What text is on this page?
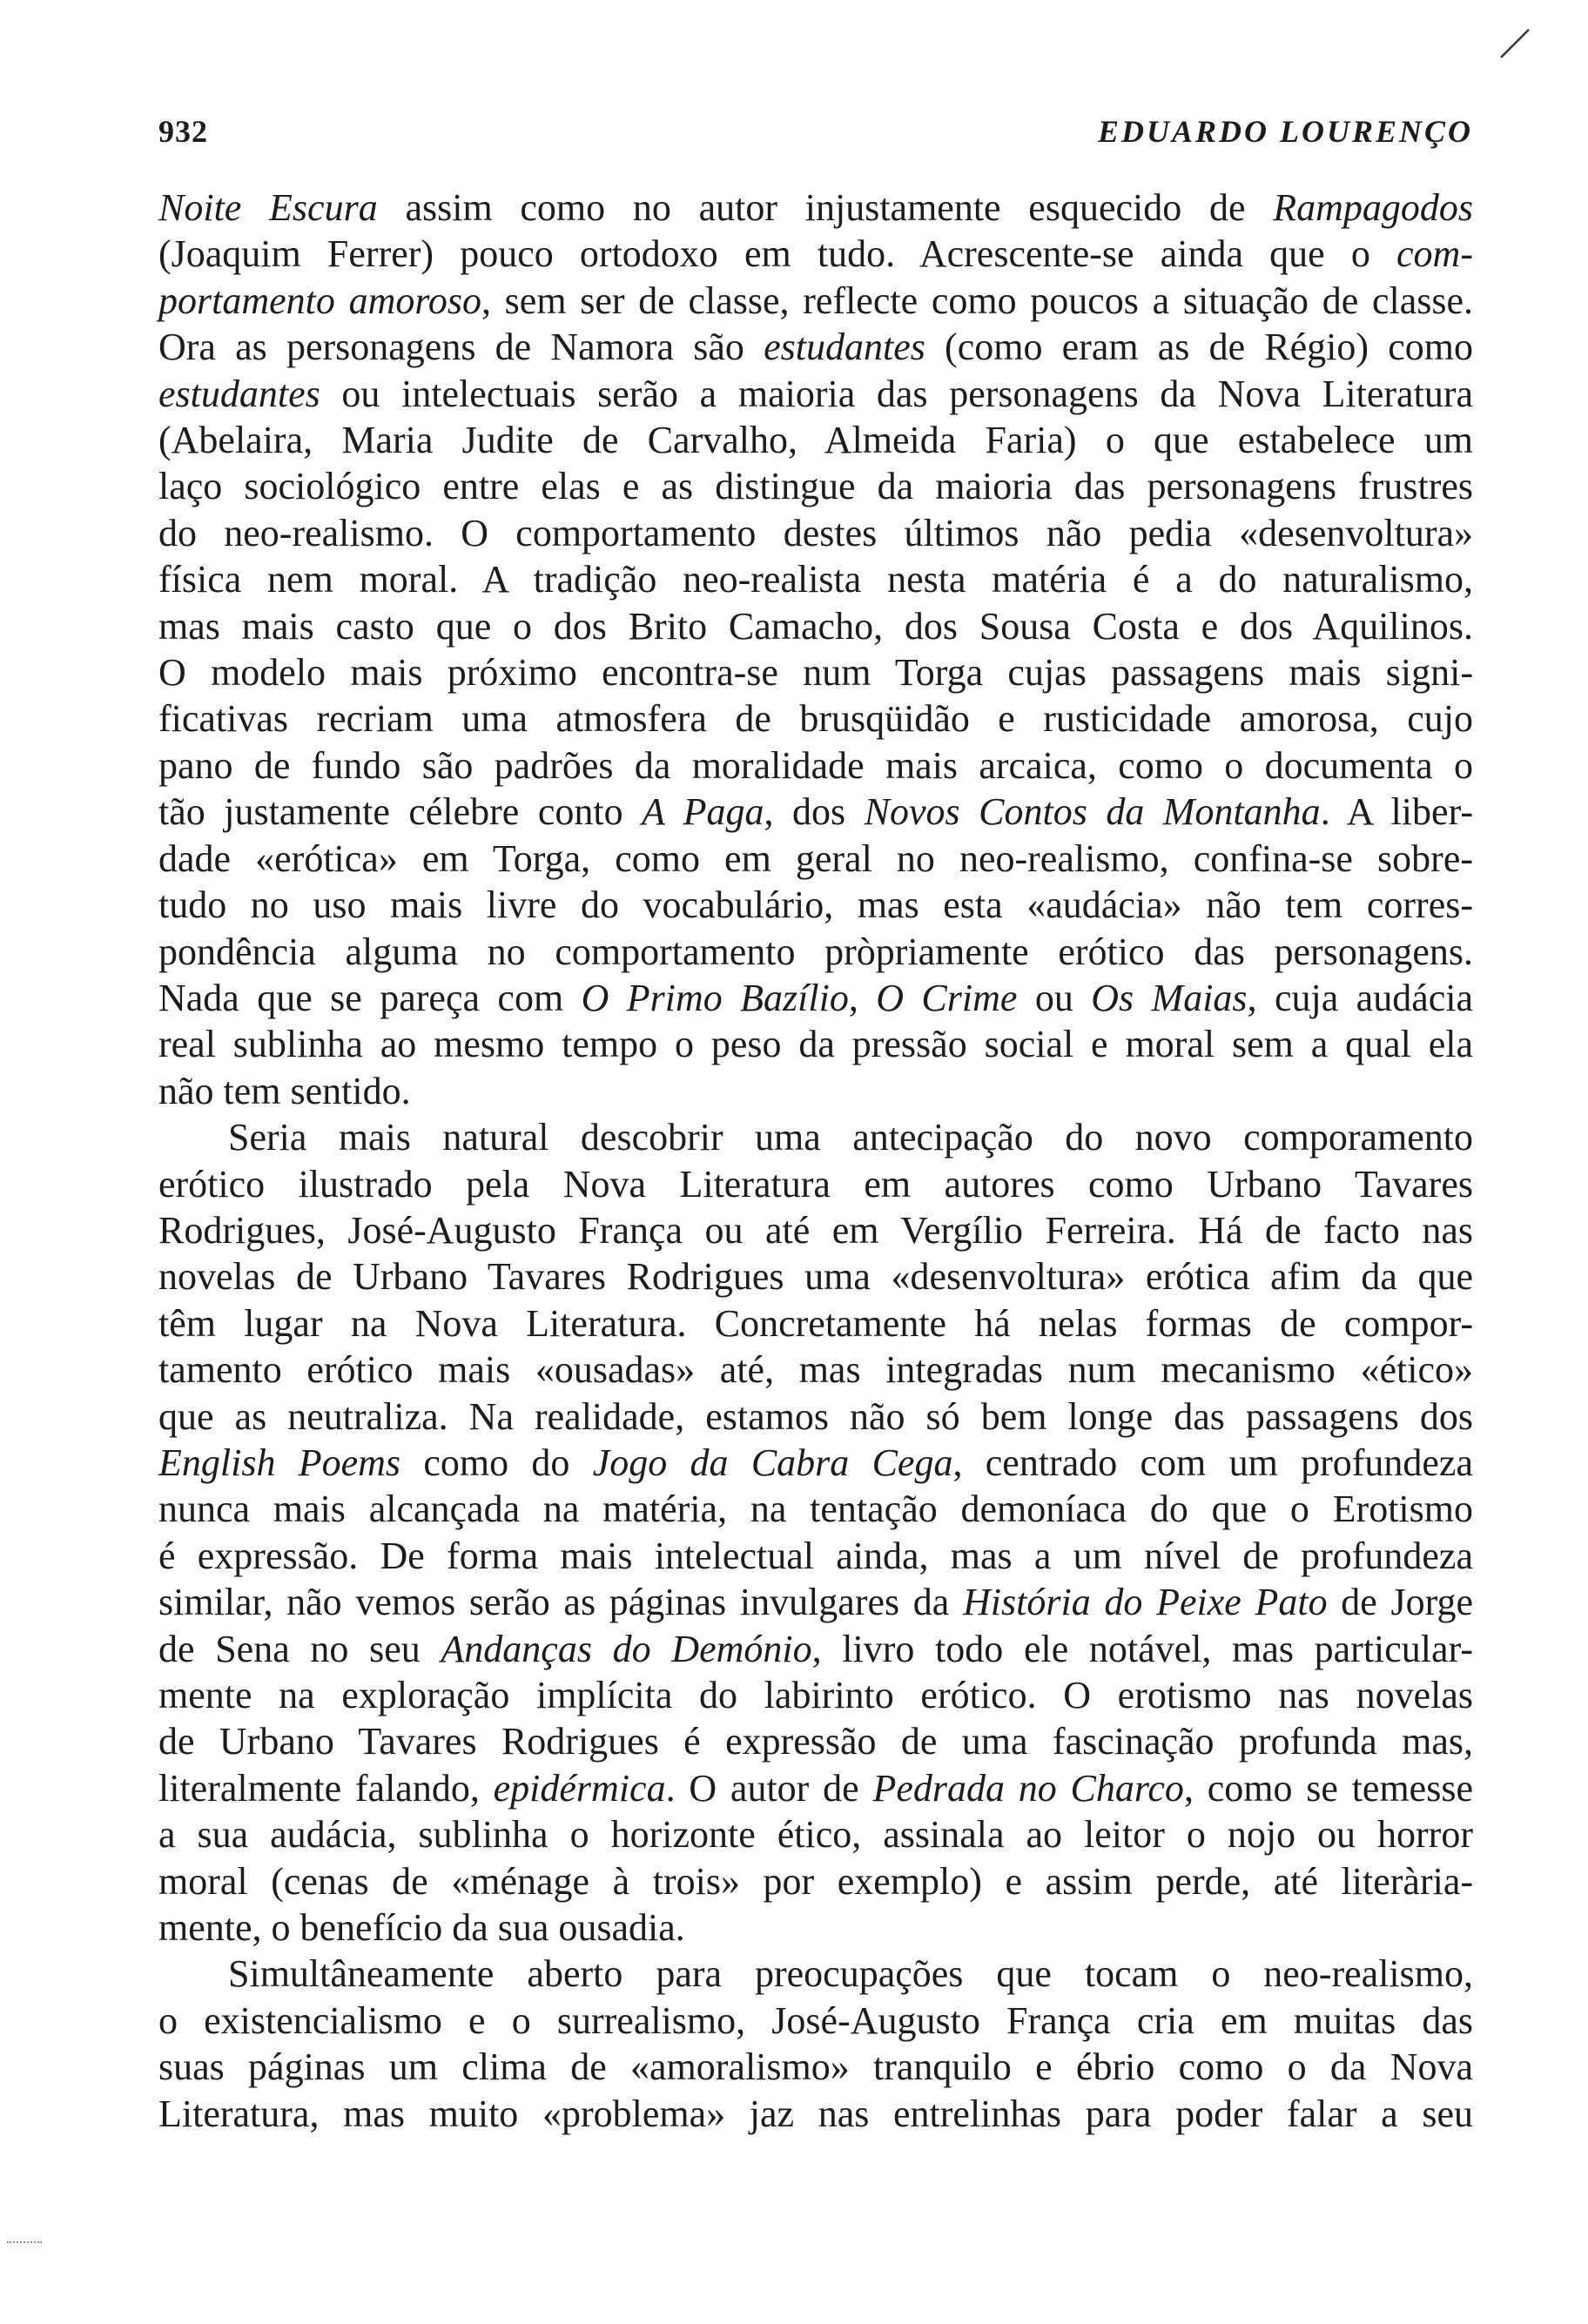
932	EDUARDO LOURENÇO
Noite Escura assim como no autor injustamente esquecido de Rampagodos
(Joaquim Ferrer) pouco ortodoxo em tudo. Acrescente-se ainda que o com-
portamento amoroso, sem ser de classe, reflecte como poucos a situação de classe.
Ora as personagens de Namora são estudantes (como eram as de Régio) como
estudantes ou intelectuais serão a maioria das personagens da Nova Literatura
(Abelaira, Maria Judite de Carvalho, Almeida Faria) o que estabelece um
laço sociológico entre elas e as distingue da maioria das personagens frustres
do neo-realismo. O comportamento destes últimos não pedia «desenvoltura»
física nem moral. A tradição neo-realista nesta matéria é a do naturalismo,
mas mais casto que o dos Brito Camacho, dos Sousa Costa e dos Aquilinos.
O modelo mais próximo encontra-se num Torga cujas passagens mais signi-
ficativas recriam uma atmosfera de brusqüidão e rusticidade amorosa, cujo
pano de fundo são padrões da moralidade mais arcaica, como o documenta o
tão justamente célebre conto A Paga, dos Novos Contos da Montanha. A liber-
dade «erótica» em Torga, como em geral no neo-realismo, confina-se sobre-
tudo no uso mais livre do vocabulário, mas esta «audácia» não tem corres-
pondência alguma no comportamento pròpriamente erótico das personagens.
Nada que se pareça com O Primo Bazílio, O Crime ou Os Maias, cuja audácia
real sublinha ao mesmo tempo o peso da pressão social e moral sem a qual ela
não tem sentido.
Seria mais natural descobrir uma antecipação do novo comporamento
erótico ilustrado pela Nova Literatura em autores como Urbano Tavares
Rodrigues, José-Augusto França ou até em Vergílio Ferreira. Há de facto nas
novelas de Urbano Tavares Rodrigues uma «desenvoltura» erótica afim da que
têm lugar na Nova Literatura. Concretamente há nelas formas de compor-
tamento erótico mais «ousadas» até, mas integradas num mecanismo «ético»
que as neutraliza. Na realidade, estamos não só bem longe das passagens dos
English Poems como do Jogo da Cabra Cega, centrado com um profundeza
nunca mais alcançada na matéria, na tentação demoníaca do que o Erotismo
é expressão. De forma mais intelectual ainda, mas a um nível de profundeza
similar, não vemos serão as páginas invulgares da História do Peixe Pato de Jorge
de Sena no seu Andanças do Demónio, livro todo ele notável, mas particular-
mente na exploração implícita do labirinto erótico. O erotismo nas novelas
de Urbano Tavares Rodrigues é expressão de uma fascinação profunda mas,
literalmente falando, epidérmica. O autor de Pedrada no Charco, como se temesse
a sua audácia, sublinha o horizonte ético, assinala ao leitor o nojo ou horror
moral (cenas de «ménage à trois» por exemplo) e assim perde, até literària-
mente, o benefício da sua ousadia.
Simultâneamente aberto para preocupações que tocam o neo-realismo,
o existencialismo e o surrealismo, José-Augusto França cria em muitas das
suas páginas um clima de «amoralismo» tranquilo e ébrio como o da Nova
Literatura, mas muito «problema» jaz nas entrelinhas para poder falar a seu
